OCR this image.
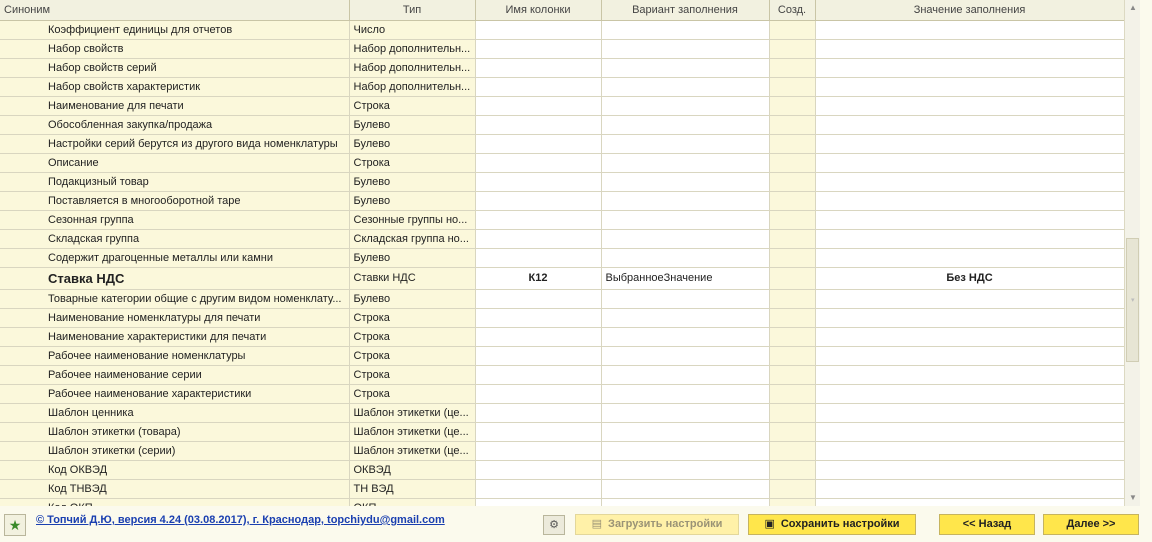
Синоним	Тип	Имя колонки	Вариант заполнения	Созд.	Значение заполнения
Коэффициент единицы для отчетов	Число				
Набор свойств	Набор дополнительн...				
Набор свойств серий	Набор дополнительн...				
Набор свойств характеристик	Набор дополнительн...				
Наименование для печати	Строка				
Обособленная закупка/продажа	Булево				
Настройки серий берутся из другого вида номенклатуры	Булево				
Описание	Строка				
Подакцизный товар	Булево				
Поставляется в многооборотной таре	Булево				
Сезонная группа	Сезонные группы но...				
Складская группа	Складская группа но...				
Содержит драгоценные металлы или камни	Булево				
Ставка НДС	Ставки НДС	К12	ВыбранноеЗначение		Без НДС
Товарные категории общие с другим видом номенклату...	Булево				
Наименование номенклатуры для печати	Строка				
Наименование характеристики для печати	Строка				
Рабочее наименование номенклатуры	Строка				
Рабочее наименование серии	Строка				
Рабочее наименование характеристики	Строка				
Шаблон ценника	Шаблон этикетки (це...				
Шаблон этикетки (товара)	Шаблон этикетки (це...				
Шаблон этикетки (серии)	Шаблон этикетки (це...				
Код ОКВЭД	ОКВЭД				
Код ТНВЭД	ТН ВЭД				

▲
▾
▼
★	© Топчий Д.Ю, версия 4.24 (03.08.2017), г. Краснодар, topchiydu@gmail.com	⚙	▤ Загрузить настройки	▣ Сохранить настройки	<< Назад	Далее >>
